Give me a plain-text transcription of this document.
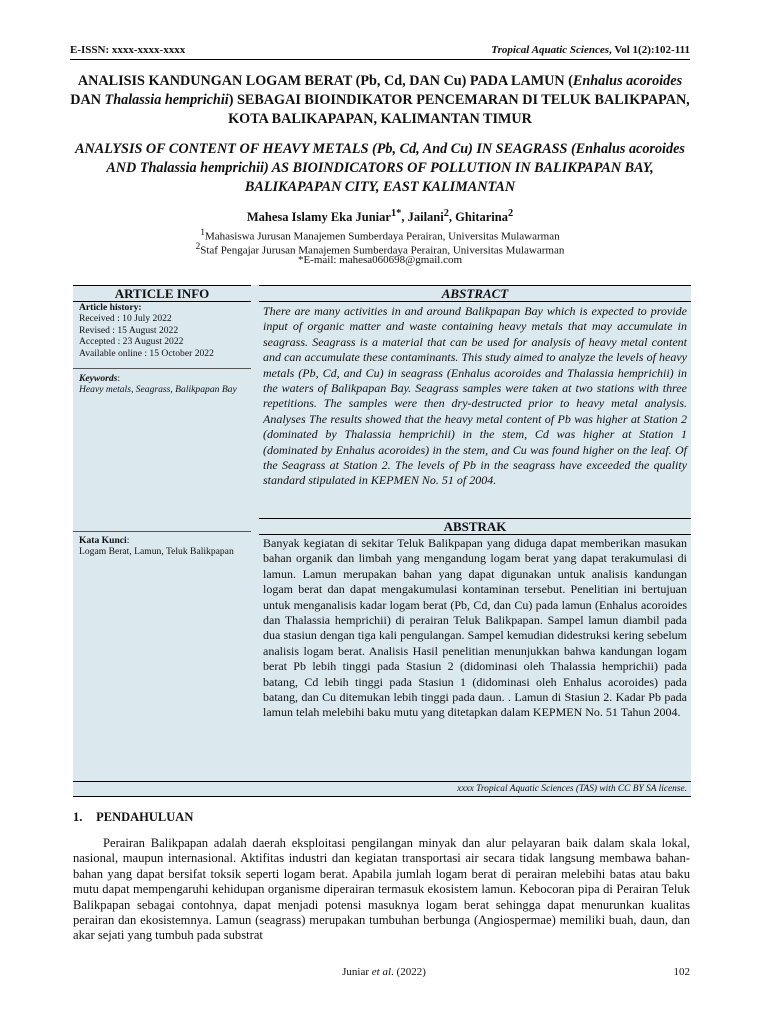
E-ISSN: xxxx-xxxx-xxxx	Tropical Aquatic Sciences, Vol 1(2):102-111
ANALISIS KANDUNGAN LOGAM BERAT (Pb, Cd, DAN Cu) PADA LAMUN (Enhalus acoroides DAN Thalassia hemprichii) SEBAGAI BIOINDIKATOR PENCEMARAN DI TELUK BALIKPAPAN, KOTA BALIKAPAPAN, KALIMANTAN TIMUR
ANALYSIS OF CONTENT OF HEAVY METALS (Pb, Cd, And Cu) IN SEAGRASS (Enhalus acoroides AND Thalassia hemprichii) AS BIOINDICATORS OF POLLUTION IN BALIKPAPAN BAY, BALIKAPAPAN CITY, EAST KALIMANTAN
Mahesa Islamy Eka Juniar$^{1*}$, Jailani$^2$, Ghitarina$^2$
$^1$Mahasiswa Jurusan Manajemen Sumberdaya Perairan, Universitas Mulawarman
$^2$Staf Pengajar Jurusan Manajemen Sumberdaya Perairan, Universitas Mulawarman
*E-mail: mahesa060698@gmail.com
ARTICLE INFO
Article history:
Received : 10 July 2022
Revised : 15 August 2022
Accepted : 23 August 2022
Available online : 15 October 2022
Keywords:
Heavy metals, Seagrass, Balikpapan Bay
Kata Kunci:
Logam Berat, Lamun, Teluk Balikpapan
ABSTRACT

There are many activities in and around Balikpapan Bay which is expected to provide input of organic matter and waste containing heavy metals that may accumulate in seagrass. Seagrass is a material that can be used for analysis of heavy metal content and can accumulate these contaminants. This study aimed to analyze the levels of heavy metals (Pb, Cd, and Cu) in seagrass (Enhalus acoroides and Thalassia hemprichii) in the waters of Balikpapan Bay. Seagrass samples were taken at two stations with three repetitions. The samples were then dry-destructed prior to heavy metal analysis. Analyses The results showed that the heavy metal content of Pb was higher at Station 2 (dominated by Thalassia hemprichii) in the stem, Cd was higher at Station 1 (dominated by Enhalus acoroides) in the stem, and Cu was found higher on the leaf. Of the Seagrass at Station 2. The levels of Pb in the seagrass have exceeded the quality standard stipulated in KEPMEN No. 51 of 2004.

ABSTRAK

Banyak kegiatan di sekitar Teluk Balikpapan yang diduga dapat memberikan masukan bahan organik dan limbah yang mengandung logam berat yang dapat terakumulasi di lamun. Lamun merupakan bahan yang dapat digunakan untuk analisis kandungan logam berat dan dapat mengakumulasi kontaminan tersebut. Penelitian ini bertujuan untuk menganalisis kadar logam berat (Pb, Cd, dan Cu) pada lamun (Enhalus acoroides dan Thalassia hemprichii) di perairan Teluk Balikpapan. Sampel lamun diambil pada dua stasiun dengan tiga kali pengulangan. Sampel kemudian didestruksi kering sebelum analisis logam berat. Analisis Hasil penelitian menunjukkan bahwa kandungan logam berat Pb lebih tinggi pada Stasiun 2 (didominasi oleh Thalassia hemprichii) pada batang, Cd lebih tinggi pada Stasiun 1 (didominasi oleh Enhalus acoroides) pada batang, dan Cu ditemukan lebih tinggi pada daun. . Lamun di Stasiun 2. Kadar Pb pada lamun telah melebihi baku mutu yang ditetapkan dalam KEPMEN No. 51 Tahun 2004.

xxxx Tropical Aquatic Sciences (TAS) with CC BY SA license.
1. PENDAHULUAN

Perairan Balikpapan adalah daerah eksploitasi pengilangan minyak dan alur pelayaran baik dalam skala lokal, nasional, maupun internasional. Aktifitas industri dan kegiatan transportasi air secara tidak langsung membawa bahan-bahan yang dapat bersifat toksik seperti logam berat. Apabila jumlah logam berat di perairan melebihi batas atau baku mutu dapat mempengaruhi kehidupan organisme diperairan termasuk ekosistem lamun. Kebocoran pipa di Perairan Teluk Balikpapan sebagai contohnya, dapat menjadi potensi masuknya logam berat sehingga dapat menurunkan kualitas perairan dan ekosistemnya. Lamun (seagrass) merupakan tumbuhan berbunga (Angiospermae) memiliki buah, daun, dan akar sejati yang tumbuh pada substrat

Juniar et al. (2022)	102
